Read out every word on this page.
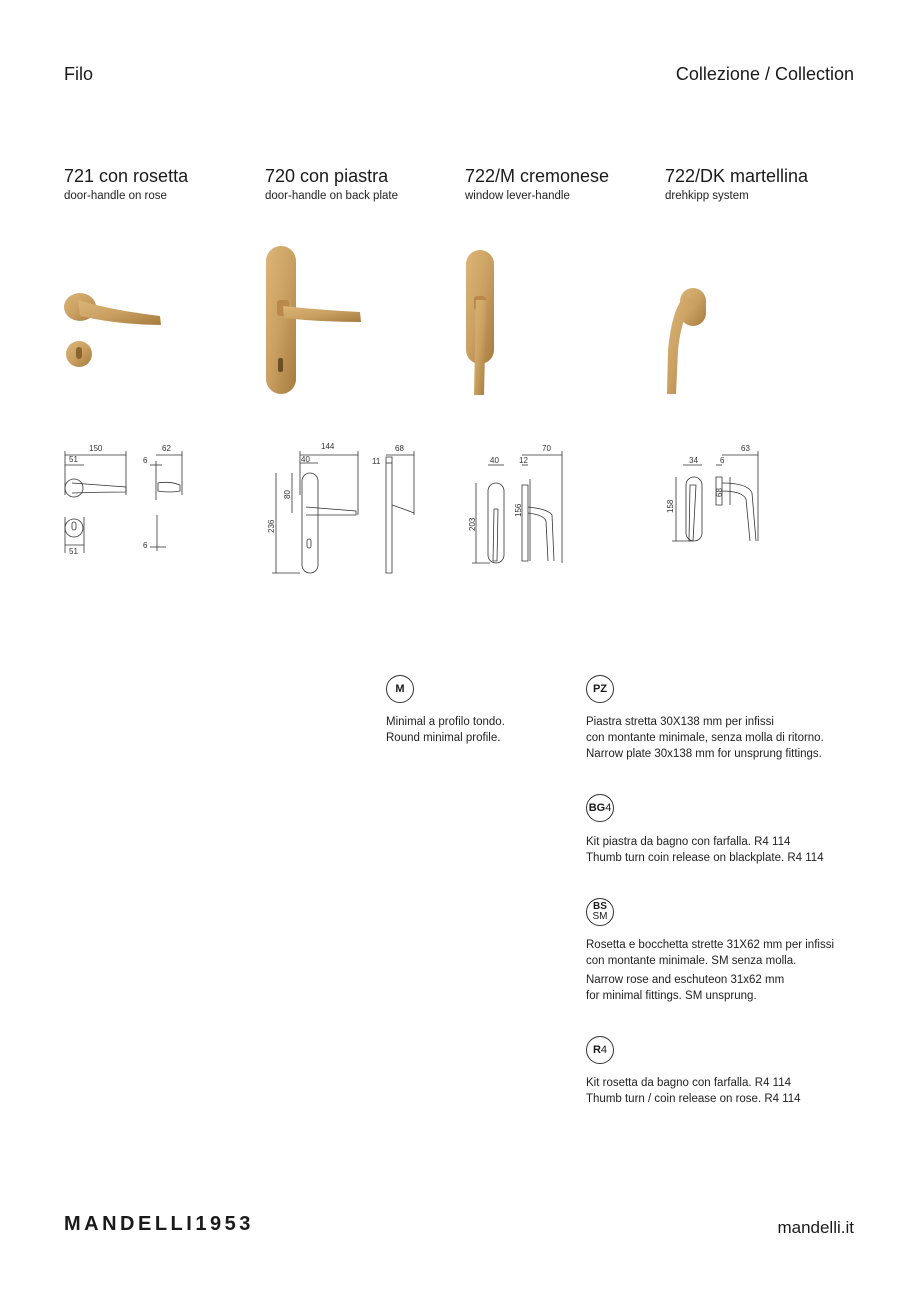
Filo	Collezione / Collection
721 con rosetta
door-handle on rose
720 con piastra
door-handle on back plate
722/M cremonese
window lever-handle
722/DK martellina
drehkipp system
150
51
62
6
51
6
144
40
68
11
236
80
40
203
12
70
156
34
158
6
63
68
M
Minimal a profilo tondo.
Round minimal profile.
PZ
Piastra stretta 30X138 mm per infissi
con montante minimale, senza molla di ritorno.
Narrow plate 30x138 mm for unsprung fittings.
BG 4
Kit piastra da bagno con farfalla. R4 114
Thumb turn coin release on blackplate. R4 114
BS
SM
Rosetta e bocchetta strette 31X62 mm per infissi
con montante minimale. SM senza molla.
Narrow rose and eschuteon 31x62 mm
for minimal fittings. SM unsprung.
R 4
Kit rosetta da bagno con farfalla. R4 114
Thumb turn / coin release on rose. R4 114
MANDELLI1953	mandelli.it
